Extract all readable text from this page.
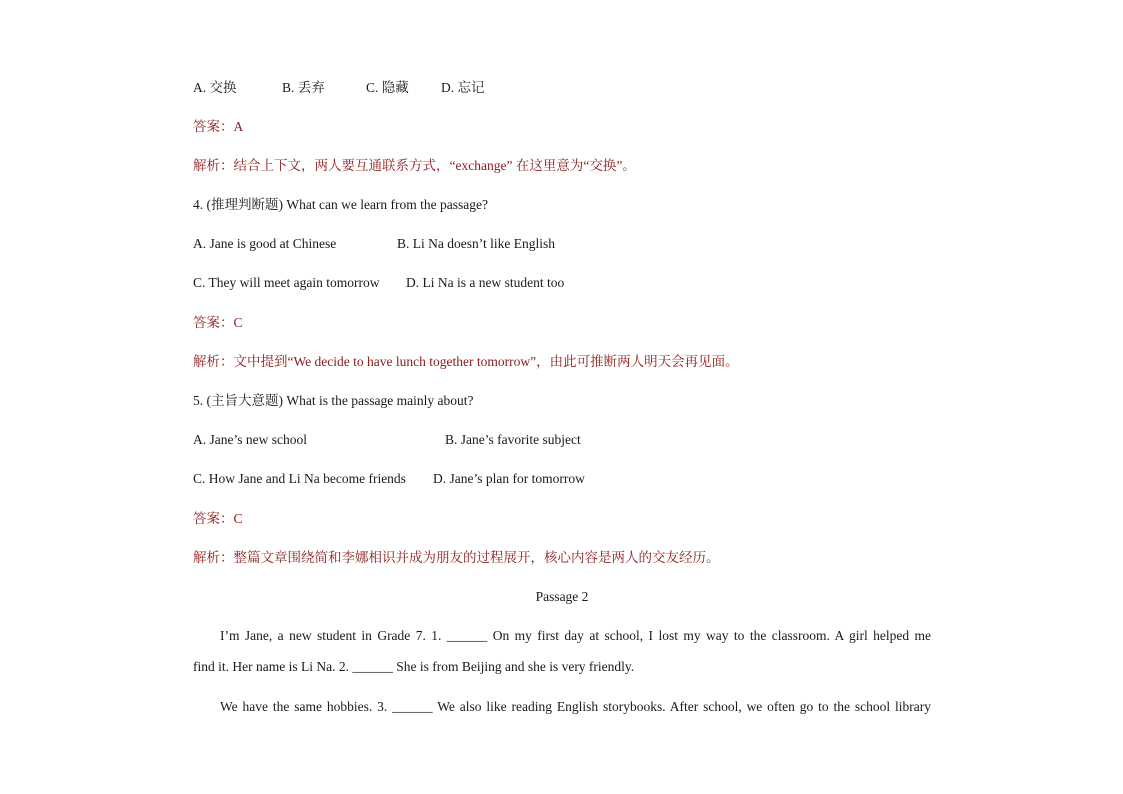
A. 交换	B. 丢弃	C. 隐藏 D. 忘记
答案：A
解析：结合上下文，两人要互通联系方式，“exchange” 在这里意为“交换”。
4. (推理判断题) What can we learn from the passage?
A. Jane is good at Chinese	B. Li Na doesn’t like English
C. They will meet again tomorrow D. Li Na is a new student too
答案：C
解析：文中提到“We decide to have lunch together tomorrow”，由此可推断两人明天会再见面。
5. (主旨大意题) What is the passage mainly about?
A. Jane’s new school	B. Jane’s favorite subject
C. How Jane and Li Na become friends D. Jane’s plan for tomorrow
答案：C
解析：整篇文章围绕简和李娜相识并成为朋友的过程展开，核心内容是两人的交友经历。
Passage 2
I’m Jane, a new student in Grade 7. 1. ______ On my first day at school, I lost my way to the classroom. A girl helped me
find it. Her name is Li Na. 2. ______ She is from Beijing and she is very friendly.
We have the same hobbies. 3. ______ We also like reading English storybooks. After school, we often go to the school library
